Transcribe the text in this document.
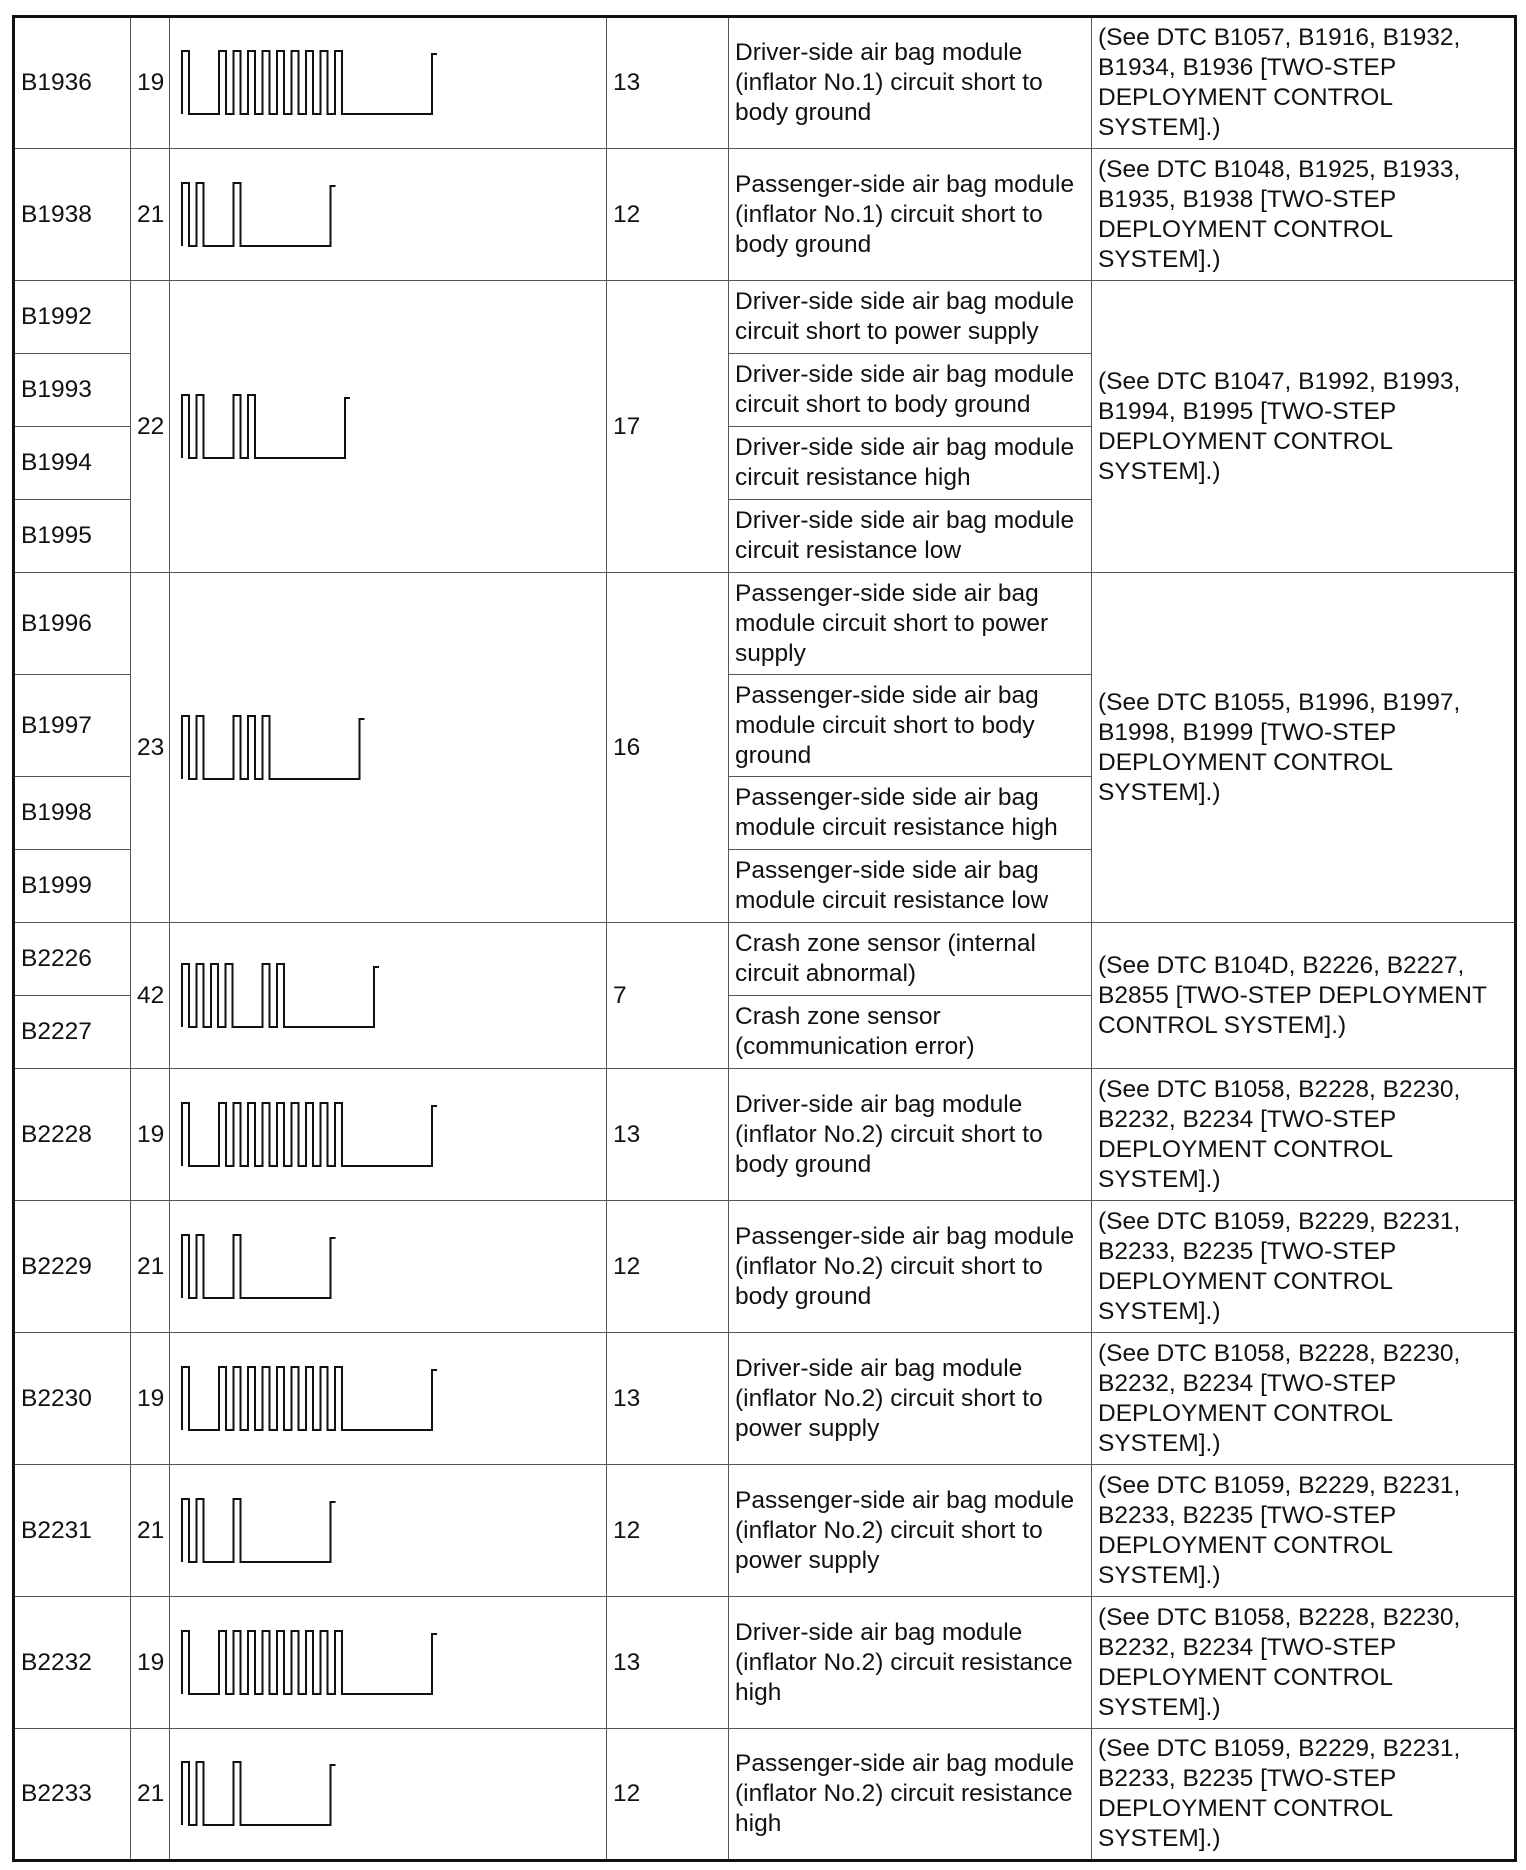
B1936	19		13	Driver-side air bag module (inflator No.1) circuit short to body ground	(See DTC B1057, B1916, B1932, B1934, B1936 [TWO-STEP DEPLOYMENT CONTROL SYSTEM].)
B1938	21		12	Passenger-side air bag module (inflator No.1) circuit short to body ground	(See DTC B1048, B1925, B1933, B1935, B1938 [TWO-STEP DEPLOYMENT CONTROL SYSTEM].)
B1992	22		17	Driver-side side air bag module circuit short to power supply	(See DTC B1047, B1992, B1993, B1994, B1995 [TWO-STEP DEPLOYMENT CONTROL SYSTEM].)
B1993				Driver-side side air bag module circuit short to body ground	
B1994				Driver-side side air bag module circuit resistance high	
B1995				Driver-side side air bag module circuit resistance low	
B1996	23		16	Passenger-side side air bag module circuit short to power supply	(See DTC B1055, B1996, B1997, B1998, B1999 [TWO-STEP DEPLOYMENT CONTROL SYSTEM].)
B1997				Passenger-side side air bag module circuit short to body ground	
B1998				Passenger-side side air bag module circuit resistance high	
B1999				Passenger-side side air bag module circuit resistance low	
B2226	42		7	Crash zone sensor (internal circuit abnormal)	(See DTC B104D, B2226, B2227, B2855 [TWO-STEP DEPLOYMENT CONTROL SYSTEM].)
B2227				Crash zone sensor (communication error)	
B2228	19		13	Driver-side air bag module (inflator No.2) circuit short to body ground	(See DTC B1058, B2228, B2230, B2232, B2234 [TWO-STEP DEPLOYMENT CONTROL SYSTEM].)
B2229	21		12	Passenger-side air bag module (inflator No.2) circuit short to body ground	(See DTC B1059, B2229, B2231, B2233, B2235 [TWO-STEP DEPLOYMENT CONTROL SYSTEM].)
B2230	19		13	Driver-side air bag module (inflator No.2) circuit short to power supply	(See DTC B1058, B2228, B2230, B2232, B2234 [TWO-STEP DEPLOYMENT CONTROL SYSTEM].)
B2231	21		12	Passenger-side air bag module (inflator No.2) circuit short to power supply	(See DTC B1059, B2229, B2231, B2233, B2235 [TWO-STEP DEPLOYMENT CONTROL SYSTEM].)
B2232	19		13	Driver-side air bag module (inflator No.2) circuit resistance high	(See DTC B1058, B2228, B2230, B2232, B2234 [TWO-STEP DEPLOYMENT CONTROL SYSTEM].)
B2233	21		12	Passenger-side air bag module (inflator No.2) circuit resistance high	(See DTC B1059, B2229, B2231, B2233, B2235 [TWO-STEP DEPLOYMENT CONTROL SYSTEM].)
